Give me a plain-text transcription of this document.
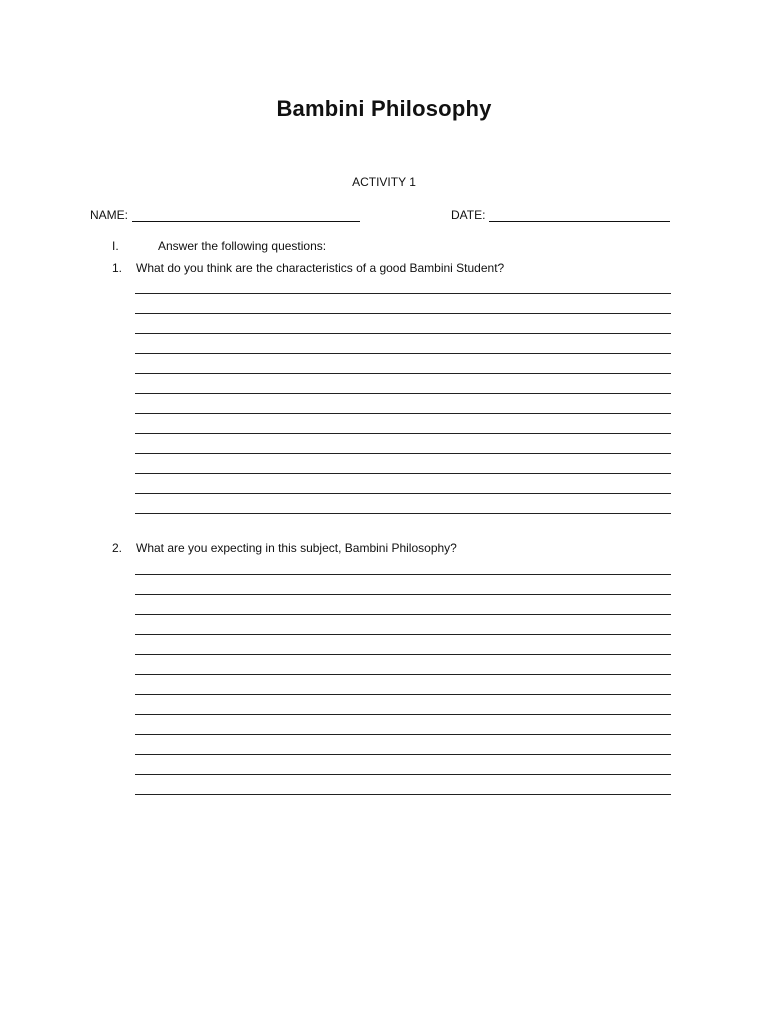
Bambini Philosophy
ACTIVITY 1
NAME:	DATE:
I.	Answer the following questions:
1.	What do you think are the characteristics of a good Bambini Student?
2.	What are you expecting in this subject, Bambini Philosophy?
